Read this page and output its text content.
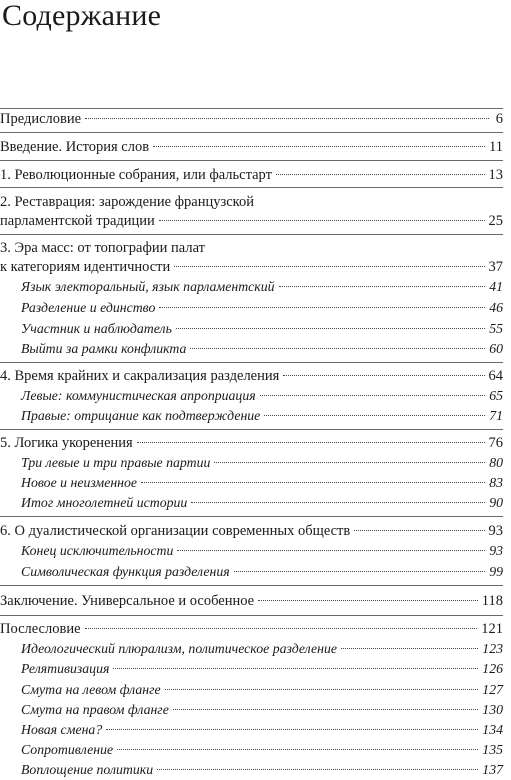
Содержание
Предисловие	6
Введение. История слов	11
1. Революционные собрания, или фальстарт	13
2. Реставрация: зарождение французской
парламентской традиции	25
3. Эра масс: от топографии палат
к категориям идентичности	37
Язык электоральный, язык парламентский	41
Разделение и единство	46
Участник и наблюдатель	55
Выйти за рамки конфликта	60
4. Время крайних и сакрализация разделения	64
Левые: коммунистическая апроприация	65
Правые: отрицание как подтверждение	71
5. Логика укоренения	76
Три левые и три правые партии	80
Новое и неизменное	83
Итог многолетней истории	90
6. О дуалистической организации современных обществ	93
Конец исключительности	93
Символическая функция разделения	99
Заключение. Универсальное и особенное	118
Послесловие	121
Идеологический плюрализм, политическое разделение	123
Релятивизация	126
Смута на левом фланге	127
Смута на правом фланге	130
Новая смена?	134
Сопротивление	135
Воплощение политики	137
